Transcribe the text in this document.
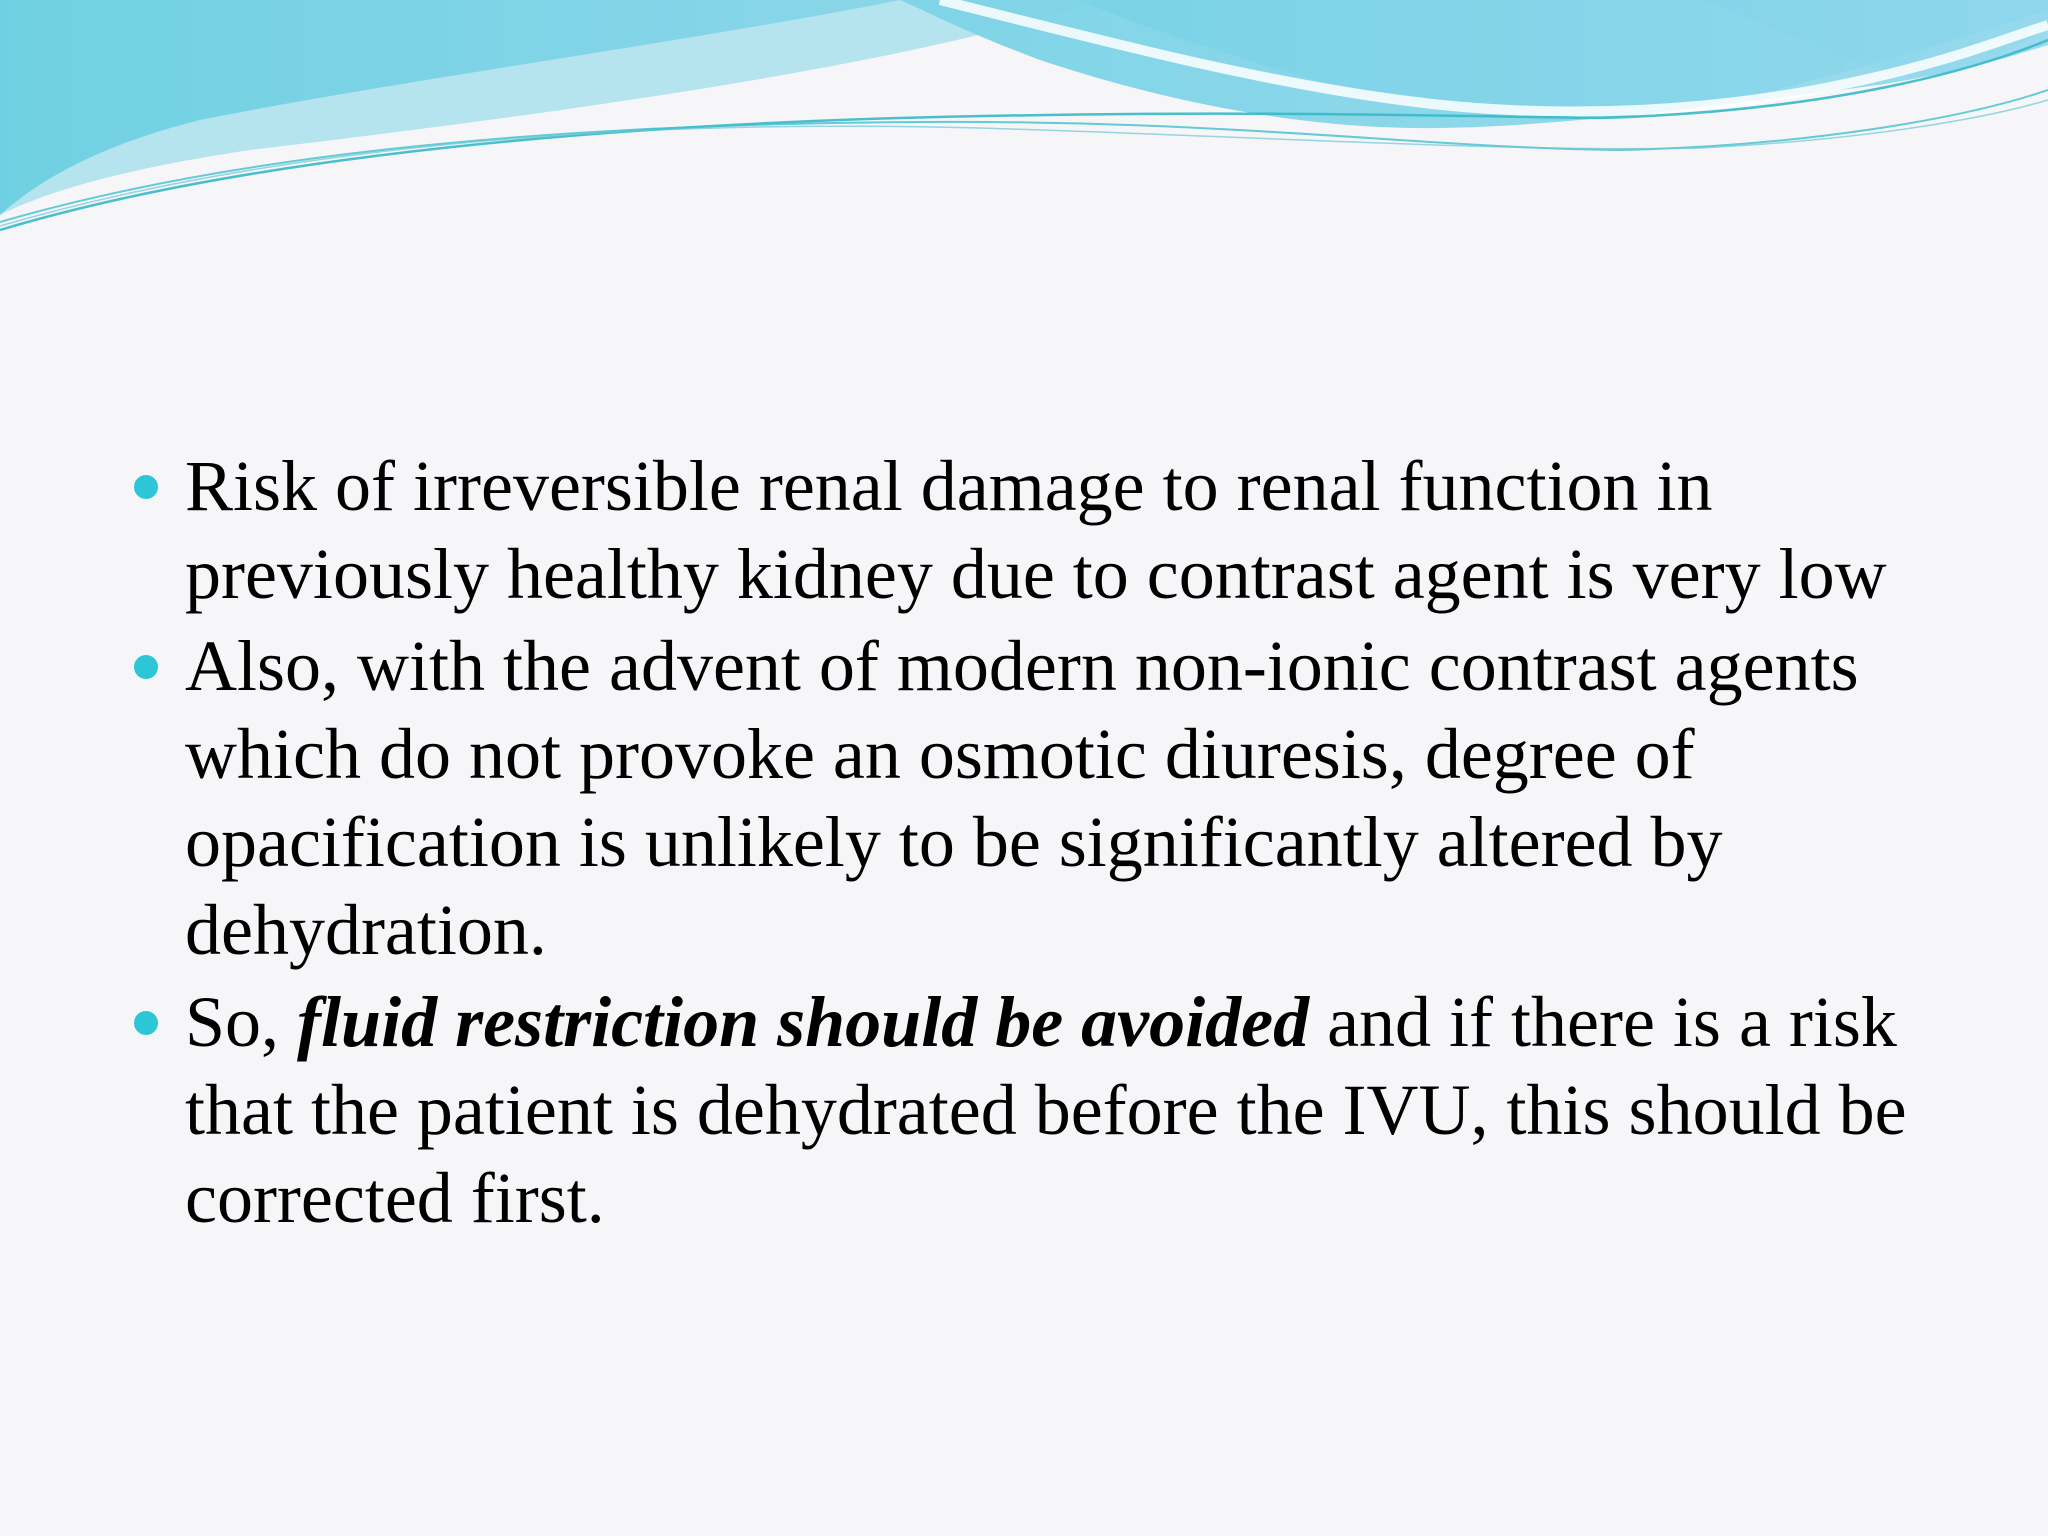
Risk of irreversible renal damage to renal function in previously healthy kidney due to contrast agent is very low
Also, with the advent of modern non-ionic contrast agents which do not provoke an osmotic diuresis, degree of opacification is unlikely to be significantly altered by dehydration.
So, fluid restriction should be avoided and if there is a risk that the patient is dehydrated before the IVU, this should be corrected first.
